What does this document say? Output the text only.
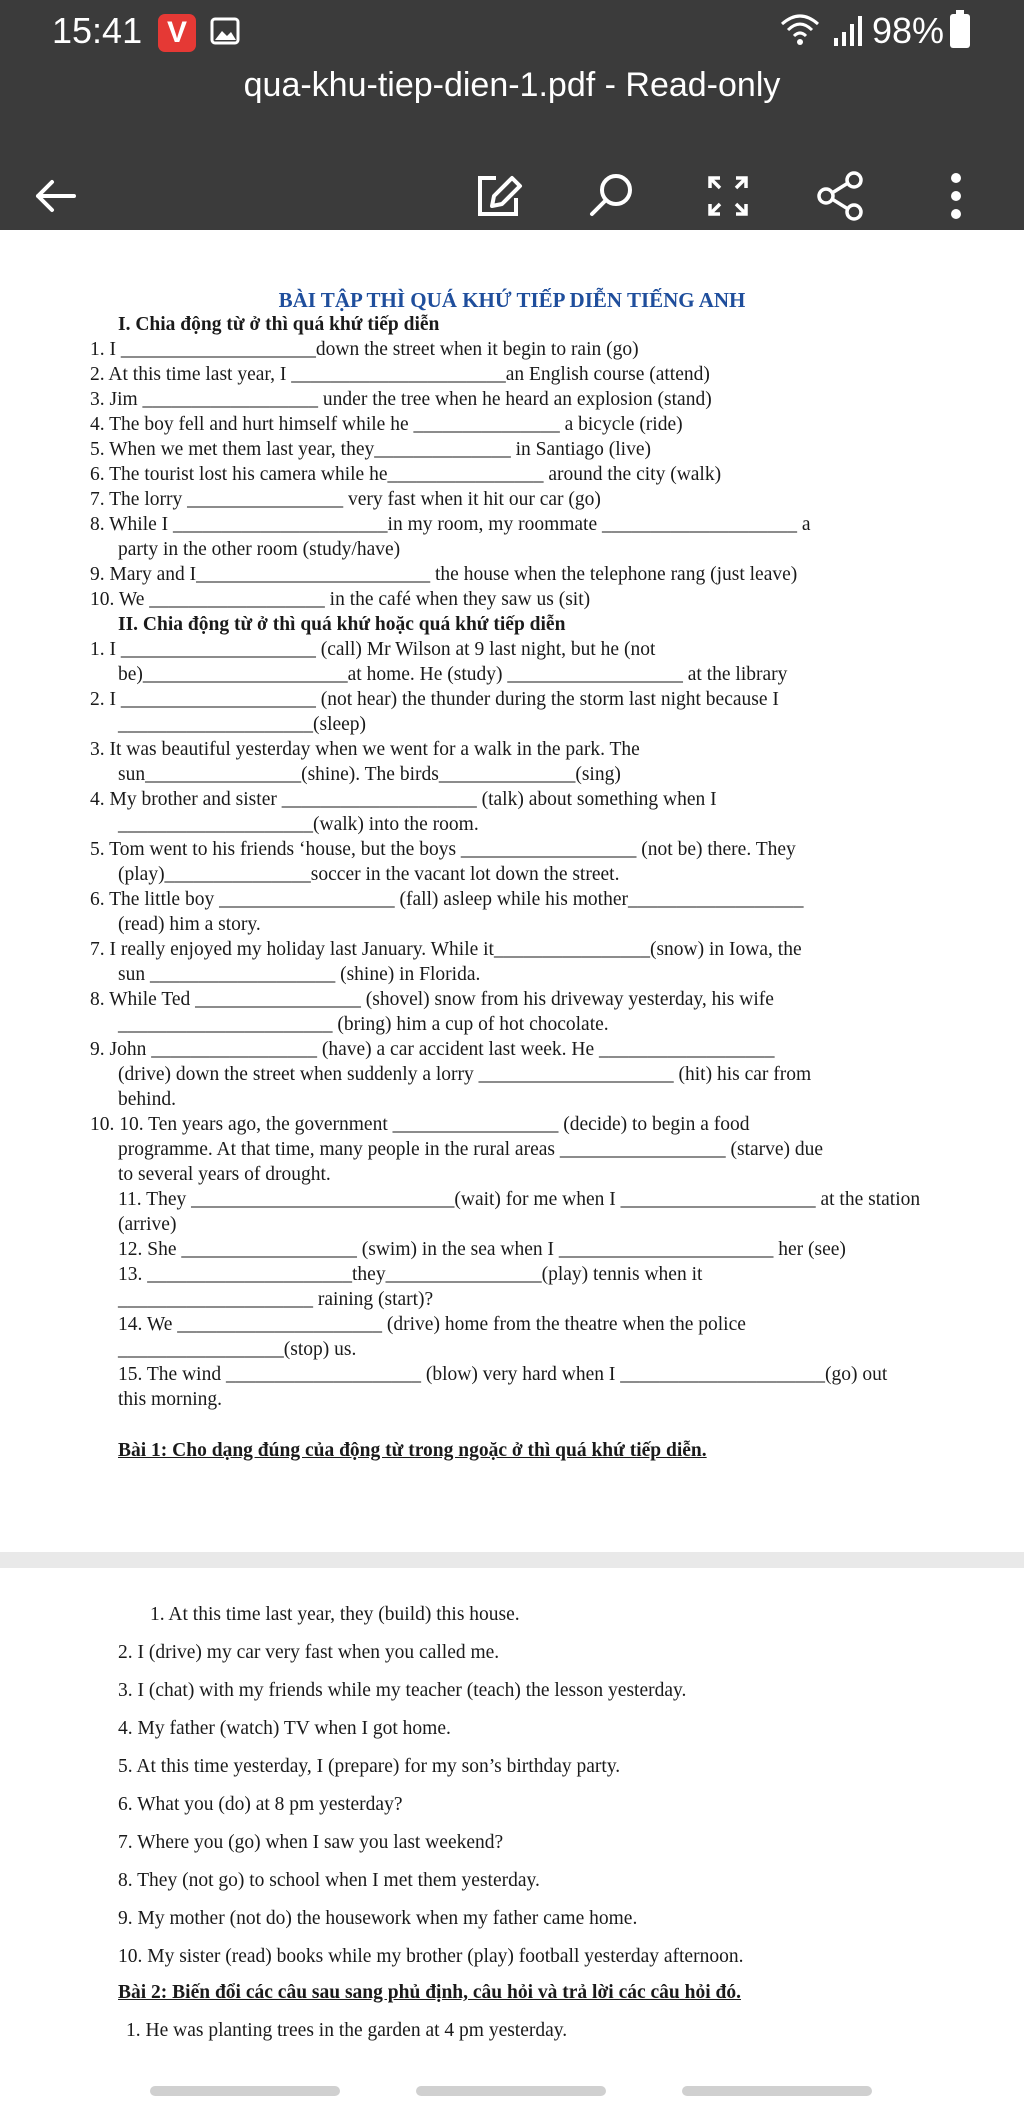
15:41 V	98%
qua-khu-tiep-dien-1.pdf - Read-only
BÀI TẬP THÌ QUÁ KHỨ TIẾP DIỄN TIẾNG ANH
I. Chia động từ ở thì quá khứ tiếp diễn
1. I ____________________down the street when it begin to rain (go)
2. At this time last year, I ______________________an English course (attend)
3. Jim __________________ under the tree when he heard an explosion (stand)
4. The boy fell and hurt himself while he _______________ a bicycle (ride)
5. When we met them last year, they______________ in Santiago (live)
6. The tourist lost his camera while he________________ around the city (walk)
7. The lorry ________________ very fast when it hit our car (go)
8. While I ______________________in my room, my roommate ____________________ a
party in the other room (study/have)
9. Mary and I________________________ the house when the telephone rang (just leave)
10. We __________________ in the café when they saw us (sit)
II. Chia động từ ở thì quá khứ hoặc quá khứ tiếp diễn
1. I ____________________ (call) Mr Wilson at 9 last night, but he (not
be)_____________________at home. He (study) __________________ at the library
2. I ____________________ (not hear) the thunder during the storm last night because I
____________________(sleep)
3. It was beautiful yesterday when we went for a walk in the park. The
sun________________(shine). The birds______________(sing)
4. My brother and sister ____________________ (talk) about something when I
____________________(walk) into the room.
5. Tom went to his friends ‘house, but the boys __________________ (not be) there. They
(play)_______________soccer in the vacant lot down the street.
6. The little boy __________________ (fall) asleep while his mother__________________
(read) him a story.
7. I really enjoyed my holiday last January. While it________________(snow) in Iowa, the
sun ___________________ (shine) in Florida.
8. While Ted _________________ (shovel) snow from his driveway yesterday, his wife
______________________ (bring) him a cup of hot chocolate.
9. John _________________ (have) a car accident last week. He __________________
(drive) down the street when suddenly a lorry ____________________ (hit) his car from
behind.
10. 10. Ten years ago, the government _________________ (decide) to begin a food
programme. At that time, many people in the rural areas _________________ (starve) due
to several years of drought.
11. They ___________________________(wait) for me when I ____________________ at the station
(arrive)
12. She __________________ (swim) in the sea when I ______________________ her (see)
13. _____________________they________________(play) tennis when it
____________________ raining (start)?
14. We _____________________ (drive) home from the theatre when the police
_________________(stop) us.
15. The wind ____________________ (blow) very hard when I _____________________(go) out
this morning.
Bài 1: Cho dạng đúng của động từ trong ngoặc ở thì quá khứ tiếp diễn.
1. At this time last year, they (build) this house.
2. I (drive) my car very fast when you called me.
3. I (chat) with my friends while my teacher (teach) the lesson yesterday.
4. My father (watch) TV when I got home.
5. At this time yesterday, I (prepare) for my son’s birthday party.
6. What you (do) at 8 pm yesterday?
7. Where you (go) when I saw you last weekend?
8. They (not go) to school when I met them yesterday.
9. My mother (not do) the housework when my father came home.
10. My sister (read) books while my brother (play) football yesterday afternoon.
Bài 2: Biến đổi các câu sau sang phủ định, câu hỏi và trả lời các câu hỏi đó.
1. He was planting trees in the garden at 4 pm yesterday.
